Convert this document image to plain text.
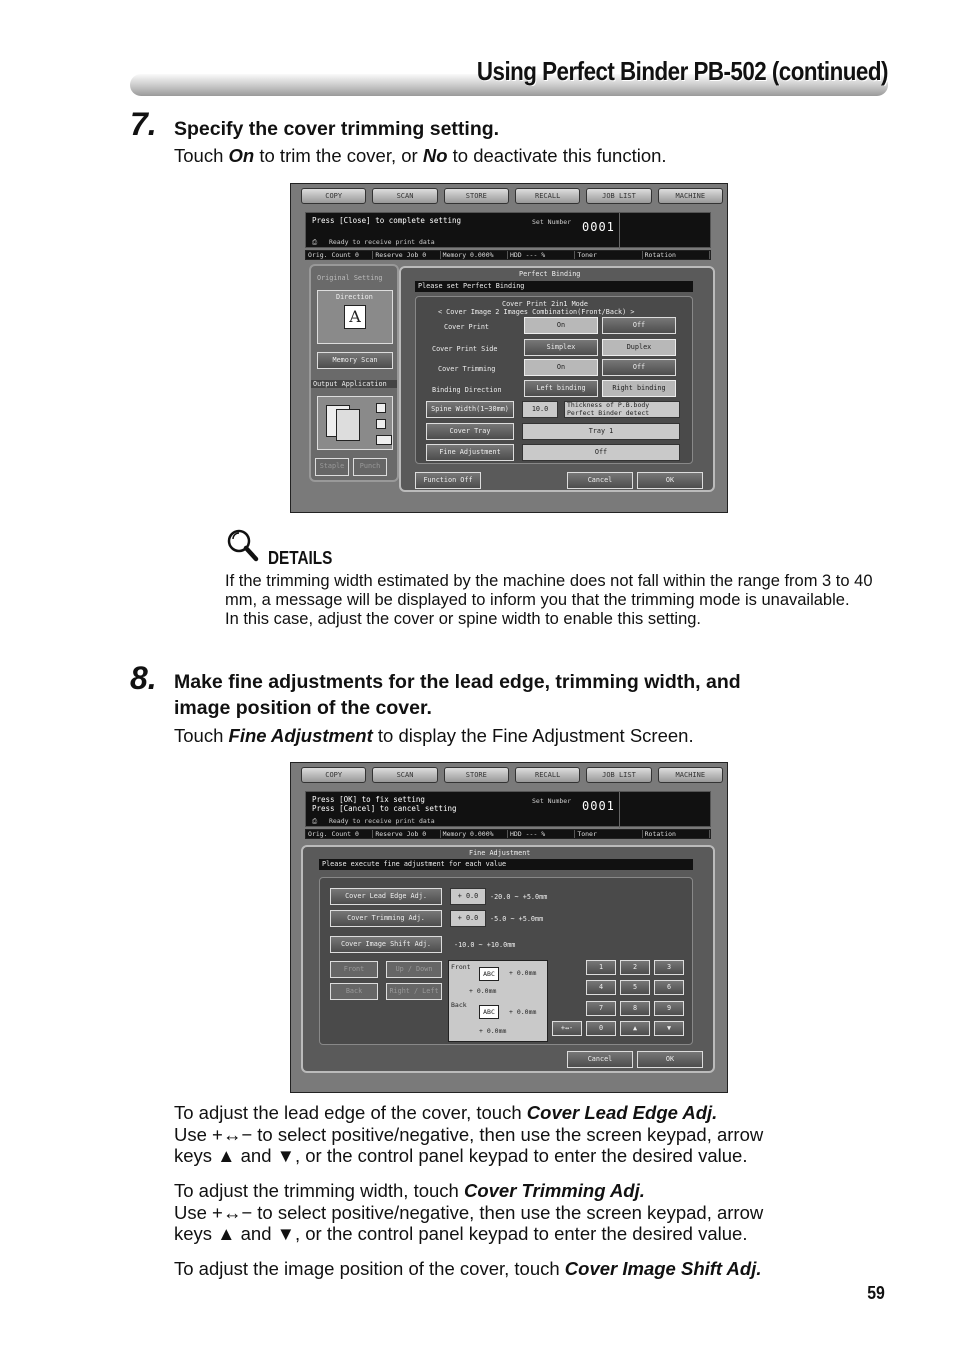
Using Perfect Binder PB-502 (continued)
7. Specify the cover trimming setting.
Touch On to trim the cover, or No to deactivate this function.
COPY	SCAN	STORE	RECALL	JOB LIST	MACHINE
Press [Close] to complete setting	Set Number 0001
⎙   Ready to receive print data
Orig. Count 0	Reserve Job 0	Memory 0.000%	HDD --- %	Toner	Rotation
Original Setting
Direction
A
Memory Scan
Output Application
Staple	Punch
Perfect Binding
Please set Perfect Binding
Cover Print 2in1 Mode
< Cover Image 2 Images Combination(Front/Back) >
Cover Print	On	Off
Cover Print Side	Simplex	Duplex
Cover Trimming	On	Off
Binding Direction	Left binding	Right binding
Spine Width(1~30mm)	10.0	Thickness of P.B.body
Perfect Binder detect
Cover Tray	Tray 1
Fine Adjustment	Off
Function Off	Cancel	OK
DETAILS
If the trimming width estimated by the machine does not fall within the range from 3 to 40 mm, a message will be displayed to inform you that the trimming mode is unavailable.
In this case, adjust the cover or spine width to enable this setting.
8. Make fine adjustments for the lead edge, trimming width, and
image position of the cover.
Touch Fine Adjustment to display the Fine Adjustment Screen.
COPY	SCAN	STORE	RECALL	JOB LIST	MACHINE
Press [OK] to fix setting
Press [Cancel] to cancel setting
Set Number 0001
⎙   Ready to receive print data
Orig. Count 0	Reserve Job 0	Memory 0.000%	HDD --- %	Toner	Rotation
Fine Adjustment
Please execute fine adjustment for each value
Cover Lead Edge Adj.	+ 0.0	-20.0 ~ +5.0mm
Cover Trimming Adj.	+ 0.0	-5.0 ~ +5.0mm
Cover Image Shift Adj.	-10.0 ~ +10.0mm
Front	Up / Down
Back	Right / Left
Front
ABC	+ 0.0mm
+ 0.0mm
Back
ABC	+ 0.0mm
+ 0.0mm
1	2	3
4	5	6
7	8	9
+↔-	0	▲	▼
Cancel	OK
To adjust the lead edge of the cover, touch Cover Lead Edge Adj.
Use +↔− to select positive/negative, then use the screen keypad, arrow
keys ▲ and ▼, or the control panel keypad to enter the desired value.
To adjust the trimming width, touch Cover Trimming Adj.
Use +↔− to select positive/negative, then use the screen keypad, arrow
keys ▲ and ▼, or the control panel keypad to enter the desired value.
To adjust the image position of the cover, touch Cover Image Shift Adj.
59
